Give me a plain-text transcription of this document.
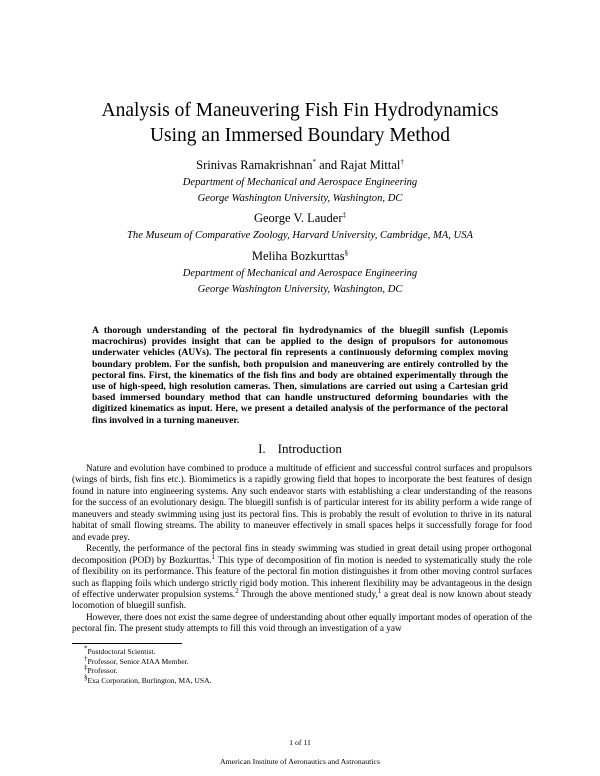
Analysis of Maneuvering Fish Fin Hydrodynamics
Using an Immersed Boundary Method
Srinivas Ramakrishnan* and Rajat Mittal†
Department of Mechanical and Aerospace Engineering
George Washington University, Washington, DC
George V. Lauder‡
The Museum of Comparative Zoology, Harvard University, Cambridge, MA, USA
Meliha Bozkurttas§
Department of Mechanical and Aerospace Engineering
George Washington University, Washington, DC
A thorough understanding of the pectoral fin hydrodynamics of the bluegill sunfish (Lepomis macrochirus) provides insight that can be applied to the design of propulsors for autonomous underwater vehicles (AUVs). The pectoral fin represents a continuously deforming complex moving boundary problem. For the sunfish, both propulsion and maneuvering are entirely controlled by the pectoral fins. First, the kinematics of the fish fins and body are obtained experimentally through the use of high-speed, high resolution cameras. Then, simulations are carried out using a Cartesian grid based immersed boundary method that can handle unstructured deforming boundaries with the digitized kinematics as input. Here, we present a detailed analysis of the performance of the pectoral fins involved in a turning maneuver.
I. Introduction

Nature and evolution have combined to produce a multitude of efficient and successful control surfaces and propulsors (wings of birds, fish fins etc.). Biomimetics is a rapidly growing field that hopes to incorporate the best features of design found in nature into engineering systems. Any such endeavor starts with establishing a clear understanding of the reasons for the success of an evolutionary design. The bluegill sunfish is of particular interest for its ability perform a wide range of maneuvers and steady swimming using just its pectoral fins. This is probably the result of evolution to thrive in its natural habitat of small flowing streams. The ability to maneuver effectively in small spaces helps it successfully forage for food and evade prey.

Recently, the performance of the pectoral fins in steady swimming was studied in great detail using proper orthogonal decomposition (POD) by Bozkurttas.$^1$ This type of decomposition of fin motion is needed to systematically study the role of flexibility on its performance. This feature of the pectoral fin motion distinguishes it from other moving control surfaces such as flapping foils which undergo strictly rigid body motion. This inherent flexibility may be advantageous in the design of effective underwater propulsion systems.$^2$ Through the above mentioned study,$^1$ a great deal is now known about steady locomotion of bluegill sunfish.

However, there does not exist the same degree of understanding about other equally important modes of operation of the pectoral fin. The present study attempts to fill this void through an investigation of a yaw

*Postdoctoral Scientist.
†Professor, Senior AIAA Member.
‡Professor.
§Exa Corporation, Burlington, MA, USA.
1 of 11
American Institute of Aeronautics and Astronautics
